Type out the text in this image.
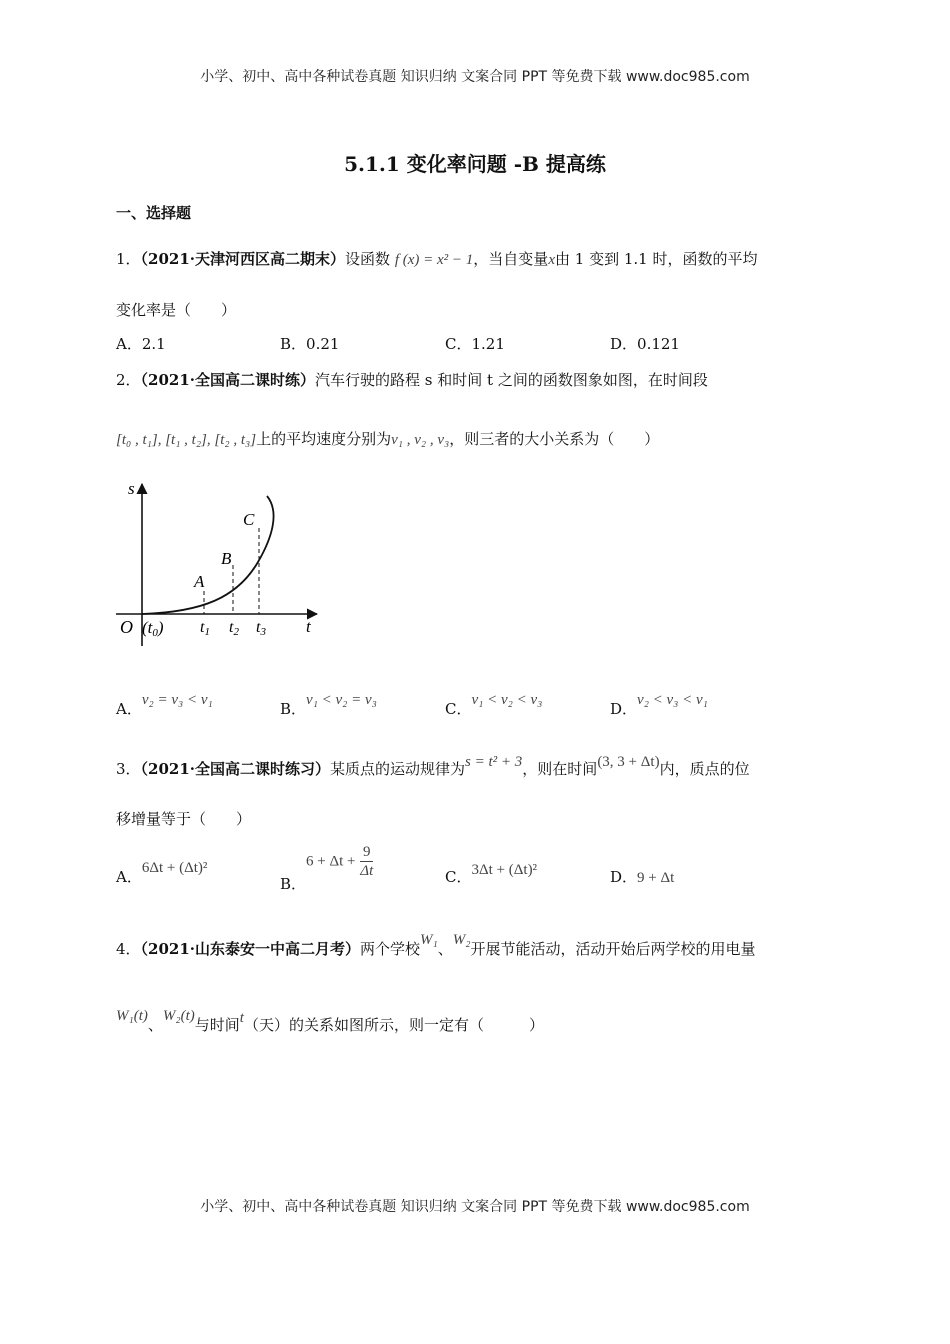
小学、初中、高中各种试卷真题 知识归纳 文案合同 PPT 等免费下载 www.doc985.com
5.1.1 变化率问题 -B 提高练
一、选择题
1．（2021·天津河西区高二期末）设函数 f (x) = x² − 1，当自变量x由 1 变到 1.1 时，函数的平均
变化率是（　　）
A．2.1	B．0.21	C．1.21	D．0.121
2．（2021·全国高二课时练）汽车行驶的路程 s 和时间 t 之间的函数图象如图，在时间段
[t₀ , t₁], [t₁ , t₂], [t₂ , t₃]上的平均速度分别为v₁ , v₂ , v₃，则三者的大小关系为（　　）
s
t
O (t0)
A
B
C
t1 t2 t3
A．v₂ = v₃ < v₁	B．v₁ < v₂ = v₃	C．v₁ < v₂ < v₃	D．v₂ < v₃ < v₁
3．（2021·全国高二课时练习）某质点的运动规律为s = t² + 3，则在时间(3, 3 + Δt)内，质点的位
移增量等于（　　）
A．6Δt + (Δt)²
B．$6 + \Delta t + \frac{9}{\Delta t}$	C．3Δt + (Δt)²	D．9 + Δt
4．（2021·山东泰安一中高二月考）两个学校W₁、W₂开展节能活动，活动开始后两学校的用电量
W₁(t)、W₂(t)与时间t（天）的关系如图所示，则一定有（　　　）
小学、初中、高中各种试卷真题 知识归纳 文案合同 PPT 等免费下载 www.doc985.com
